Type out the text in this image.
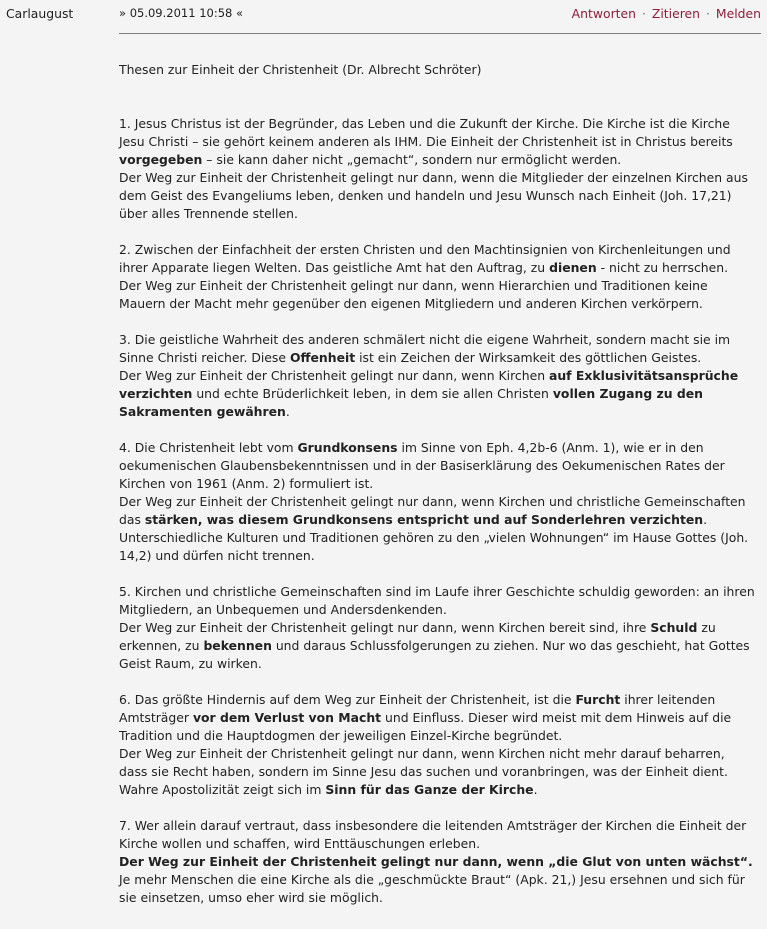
Carlaugust	» 05.09.2011 10:58 «	Antworten · Zitieren · Melden
Thesen zur Einheit der Christenheit (Dr. Albrecht Schröter)

1. Jesus Christus ist der Begründer, das Leben und die Zukunft der Kirche. Die Kirche ist die Kirche Jesu Christi – sie gehört keinem anderen als IHM. Die Einheit der Christenheit ist in Christus bereits vorgegeben – sie kann daher nicht „gemacht“, sondern nur ermöglicht werden.
Der Weg zur Einheit der Christenheit gelingt nur dann, wenn die Mitglieder der einzelnen Kirchen aus dem Geist des Evangeliums leben, denken und handeln und Jesu Wunsch nach Einheit (Joh. 17,21) über alles Trennende stellen.

2. Zwischen der Einfachheit der ersten Christen und den Machtinsignien von Kirchenleitungen und ihrer Apparate liegen Welten. Das geistliche Amt hat den Auftrag, zu dienen - nicht zu herrschen.
Der Weg zur Einheit der Christenheit gelingt nur dann, wenn Hierarchien und Traditionen keine Mauern der Macht mehr gegenüber den eigenen Mitgliedern und anderen Kirchen verkörpern.

3. Die geistliche Wahrheit des anderen schmälert nicht die eigene Wahrheit, sondern macht sie im Sinne Christi reicher. Diese Offenheit ist ein Zeichen der Wirksamkeit des göttlichen Geistes.
Der Weg zur Einheit der Christenheit gelingt nur dann, wenn Kirchen auf Exklusivitätsansprüche verzichten und echte Brüderlichkeit leben, in dem sie allen Christen vollen Zugang zu den Sakramenten gewähren.

4. Die Christenheit lebt vom Grundkonsens im Sinne von Eph. 4,2b-6 (Anm. 1), wie er in den oekumenischen Glaubensbekenntnissen und in der Basiserklärung des Oekumenischen Rates der Kirchen von 1961 (Anm. 2) formuliert ist.
Der Weg zur Einheit der Christenheit gelingt nur dann, wenn Kirchen und christliche Gemeinschaften das stärken, was diesem Grundkonsens entspricht und auf Sonderlehren verzichten.
Unterschiedliche Kulturen und Traditionen gehören zu den „vielen Wohnungen“ im Hause Gottes (Joh. 14,2) und dürfen nicht trennen.

5. Kirchen und christliche Gemeinschaften sind im Laufe ihrer Geschichte schuldig geworden: an ihren Mitgliedern, an Unbequemen und Andersdenkenden.
Der Weg zur Einheit der Christenheit gelingt nur dann, wenn Kirchen bereit sind, ihre Schuld zu erkennen, zu bekennen und daraus Schlussfolgerungen zu ziehen. Nur wo das geschieht, hat Gottes Geist Raum, zu wirken.

6. Das größte Hindernis auf dem Weg zur Einheit der Christenheit, ist die Furcht ihrer leitenden Amtsträger vor dem Verlust von Macht und Einfluss. Dieser wird meist mit dem Hinweis auf die Tradition und die Hauptdogmen der jeweiligen Einzel-Kirche begründet.
Der Weg zur Einheit der Christenheit gelingt nur dann, wenn Kirchen nicht mehr darauf beharren, dass sie Recht haben, sondern im Sinne Jesu das suchen und voranbringen, was der Einheit dient. Wahre Apostolizität zeigt sich im Sinn für das Ganze der Kirche.

7. Wer allein darauf vertraut, dass insbesondere die leitenden Amtsträger der Kirchen die Einheit der Kirche wollen und schaffen, wird Enttäuschungen erleben.
Der Weg zur Einheit der Christenheit gelingt nur dann, wenn „die Glut von unten wächst“. Je mehr Menschen die eine Kirche als die „geschmückte Braut“ (Apk. 21,) Jesu ersehnen und sich für sie einsetzen, umso eher wird sie möglich.
